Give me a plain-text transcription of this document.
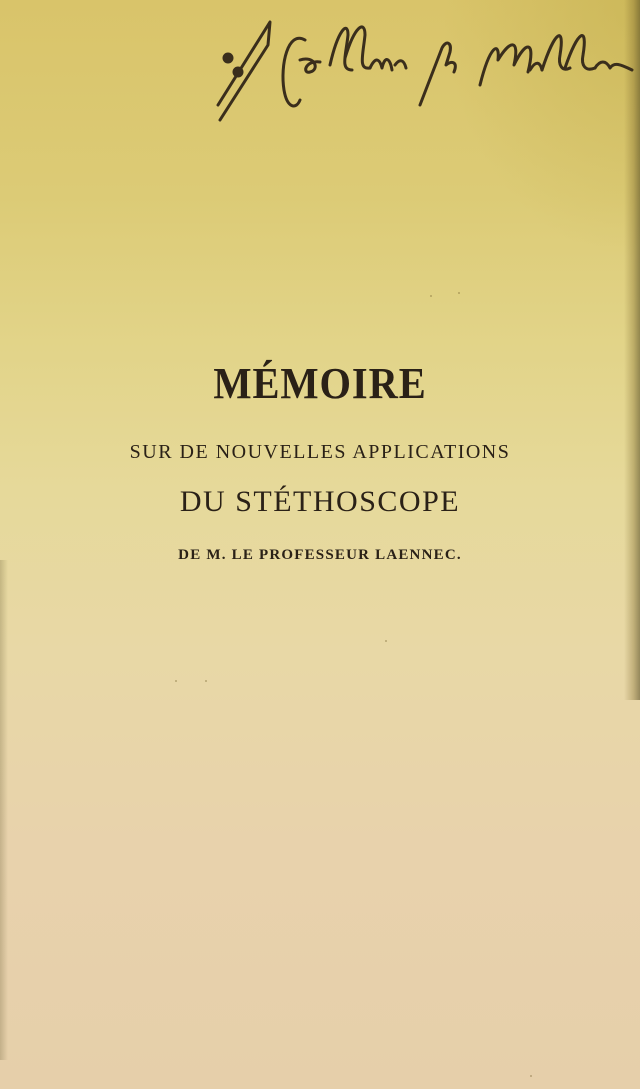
MÉMOIRE
SUR DE NOUVELLES APPLICATIONS
DU STÉTHOSCOPE
DE M. LE PROFESSEUR LAENNEC.
